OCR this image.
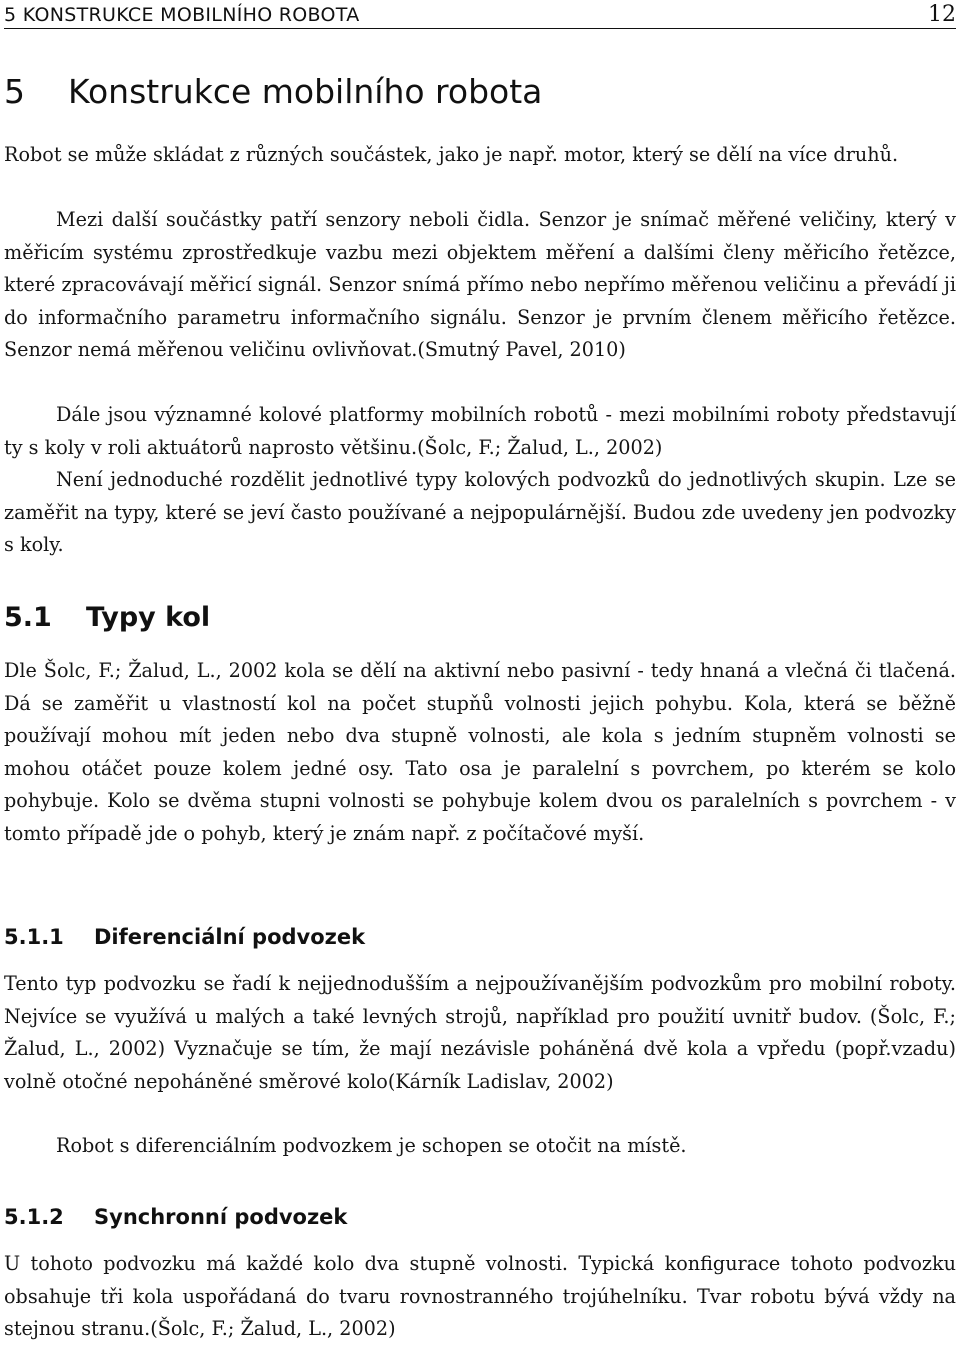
5 KONSTRUKCE MOBILNÍHO ROBOTA	12
5 Konstrukce mobilního robota
Robot se může skládat z různých součástek, jako je např. motor, který se dělí na více druhů.
Mezi další součástky patří senzory neboli čidla. Senzor je snímač měřené veličiny, který v měřicím systému zprostředkuje vazbu mezi objektem měření a dalšími členy měřicího řetězce, které zpracovávají měřicí signál. Senzor snímá přímo nebo nepřímo měřenou veličinu a převádí ji do informačního parametru informačního signálu. Senzor je prvním členem měřicího řetězce. Senzor nemá měřenou veličinu ovlivňovat.(Smutný Pavel, 2010)
Dále jsou významné kolové platformy mobilních robotů - mezi mobilními roboty představují ty s koly v roli aktuátorů naprosto většinu.(Šolc, F.; Žalud, L., 2002)
Není jednoduché rozdělit jednotlivé typy kolových podvozků do jednotlivých skupin. Lze se zaměřit na typy, které se jeví často používané a nejpopulárnější. Budou zde uvedeny jen podvozky s koly.
5.1 Typy kol
Dle Šolc, F.; Žalud, L., 2002 kola se dělí na aktivní nebo pasivní - tedy hnaná a vlečná či tlačená. Dá se zaměřit u vlastností kol na počet stupňů volnosti jejich pohybu. Kola, která se běžně používají mohou mít jeden nebo dva stupně volnosti, ale kola s jedním stupněm volnosti se mohou otáčet pouze kolem jedné osy. Tato osa je paralelní s povrchem, po kterém se kolo pohybuje. Kolo se dvěma stupni volnosti se pohybuje kolem dvou os paralelních s povrchem - v tomto případě jde o pohyb, který je znám např. z počítačové myší.
5.1.1 Diferenciální podvozek
Tento typ podvozku se řadí k nejjednodušším a nejpoužívanějším podvozkům pro mobilní roboty. Nejvíce se využívá u malých a také levných strojů, například pro použití uvnitř budov. (Šolc, F.; Žalud, L., 2002) Vyznačuje se tím, že mají nezávisle poháněná dvě kola a vpředu (popř.vzadu) volně otočné nepoháněné směrové kolo(Kárník Ladislav, 2002)
Robot s diferenciálním podvozkem je schopen se otočit na místě.
5.1.2 Synchronní podvozek
U tohoto podvozku má každé kolo dva stupně volnosti. Typická konfigurace tohoto podvozku obsahuje tři kola uspořádaná do tvaru rovnostranného trojúhelníku. Tvar robotu bývá vždy na stejnou stranu.(Šolc, F.; Žalud, L., 2002)
